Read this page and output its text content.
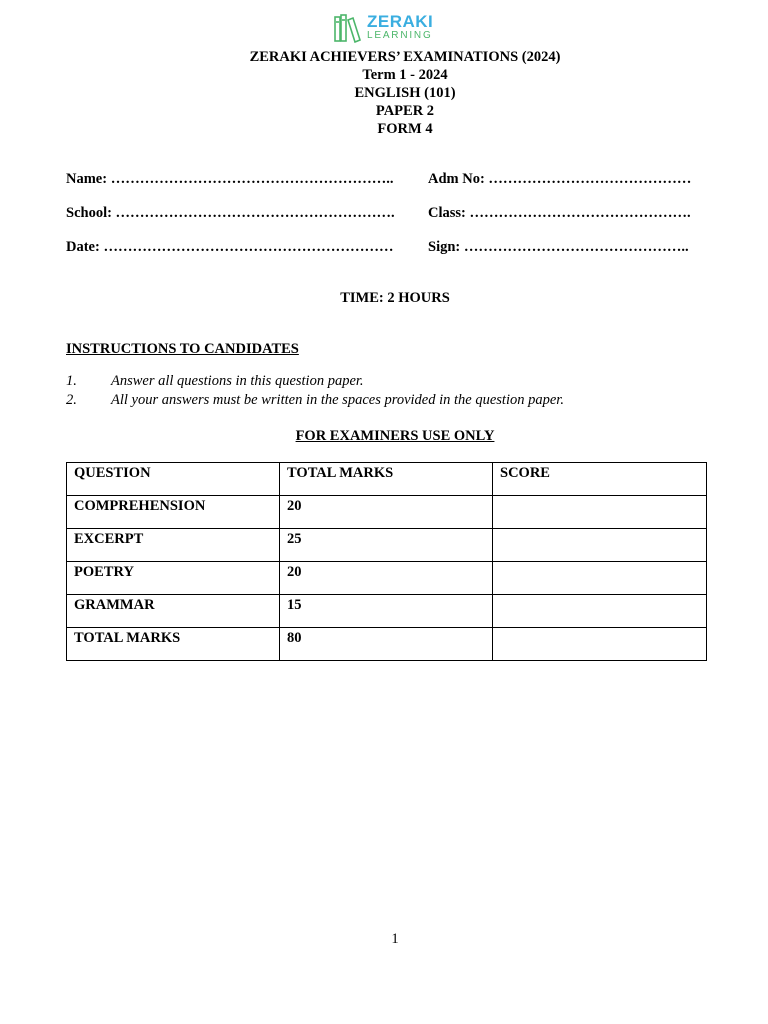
ZERAKI
LEARNING
ZERAKI ACHIEVERS’ EXAMINATIONS (2024)
Term 1 - 2024
ENGLISH (101)
PAPER 2
FORM 4
Name: ………………………………………………….. Adm No: ……………………………………
School: …………………………………………………. Class: ……………………………………….
Date: …………………………………………………… Sign: ………………………………………..
TIME: 2 HOURS
INSTRUCTIONS TO CANDIDATES
1. Answer all questions in this question paper.
2. All your answers must be written in the spaces provided in the question paper.
FOR EXAMINERS USE ONLY
QUESTION	TOTAL MARKS	SCORE
COMPREHENSION	20	
EXCERPT	25	
POETRY	20	
GRAMMAR	15	
TOTAL MARKS	80	
1
